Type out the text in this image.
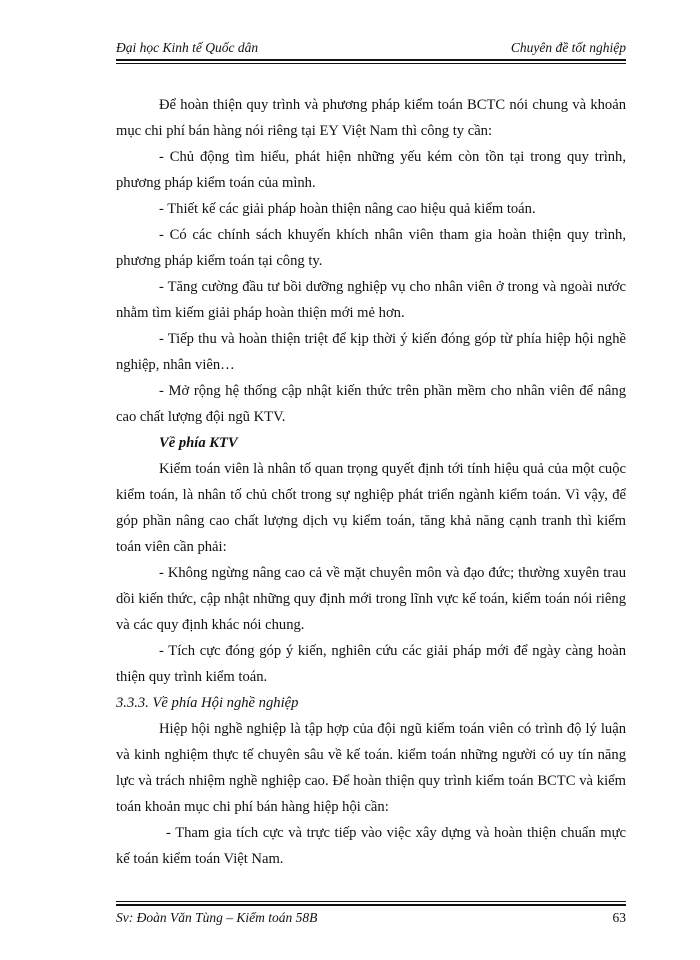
Đại học Kinh tế Quốc dân	Chuyên đề tốt nghiệp

Để hoàn thiện quy trình và phương pháp kiểm toán BCTC nói chung và khoản mục chi phí bán hàng nói riêng tại EY Việt Nam thì công ty cần:

- Chủ động tìm hiểu, phát hiện những yếu kém còn tồn tại trong quy trình, phương pháp kiểm toán của mình.

- Thiết kế các giải pháp hoàn thiện nâng cao hiệu quả kiểm toán.

- Có các chính sách khuyến khích nhân viên tham gia hoàn thiện quy trình, phương pháp kiểm toán tại công ty.

- Tăng cường đầu tư bồi dưỡng nghiệp vụ cho nhân viên ở trong và ngoài nước nhằm tìm kiếm giải pháp hoàn thiện mới mẻ hơn.

- Tiếp thu và hoàn thiện triệt để kịp thời ý kiến đóng góp từ phía hiệp hội nghề nghiệp, nhân viên…

- Mở rộng hệ thống cập nhật kiến thức trên phần mềm cho nhân viên để nâng cao chất lượng đội ngũ KTV.

Về phía KTV

Kiểm toán viên là nhân tố quan trọng quyết định tới tính hiệu quả của một cuộc kiểm toán, là nhân tố chủ chốt trong sự nghiệp phát triển ngành kiểm toán. Vì vậy, để góp phần nâng cao chất lượng dịch vụ kiểm toán, tăng khả năng cạnh tranh thì kiểm toán viên cần phải:

- Không ngừng nâng cao cả về mặt chuyên môn và đạo đức; thường xuyên trau dồi kiến thức, cập nhật những quy định mới trong lĩnh vực kế toán, kiểm toán nói riêng và các quy định khác nói chung.

- Tích cực đóng góp ý kiến, nghiên cứu các giải pháp mới để ngày càng hoàn thiện quy trình kiểm toán.

3.3.3. Về phía Hội nghề nghiệp

Hiệp hội nghề nghiệp là tập hợp của đội ngũ kiểm toán viên có trình độ lý luận và kinh nghiệm thực tế chuyên sâu về kế toán. kiểm toán những người có uy tín năng lực và trách nhiệm nghề nghiệp cao. Để hoàn thiện quy trình kiểm toán BCTC và kiểm toán khoản mục chi phí bán hàng hiệp hội cần:

- Tham gia tích cực và trực tiếp vào việc xây dựng và hoàn thiện chuẩn mực kế toán kiểm toán Việt Nam.

Sv: Đoàn Văn Tùng – Kiểm toán 58B	63
